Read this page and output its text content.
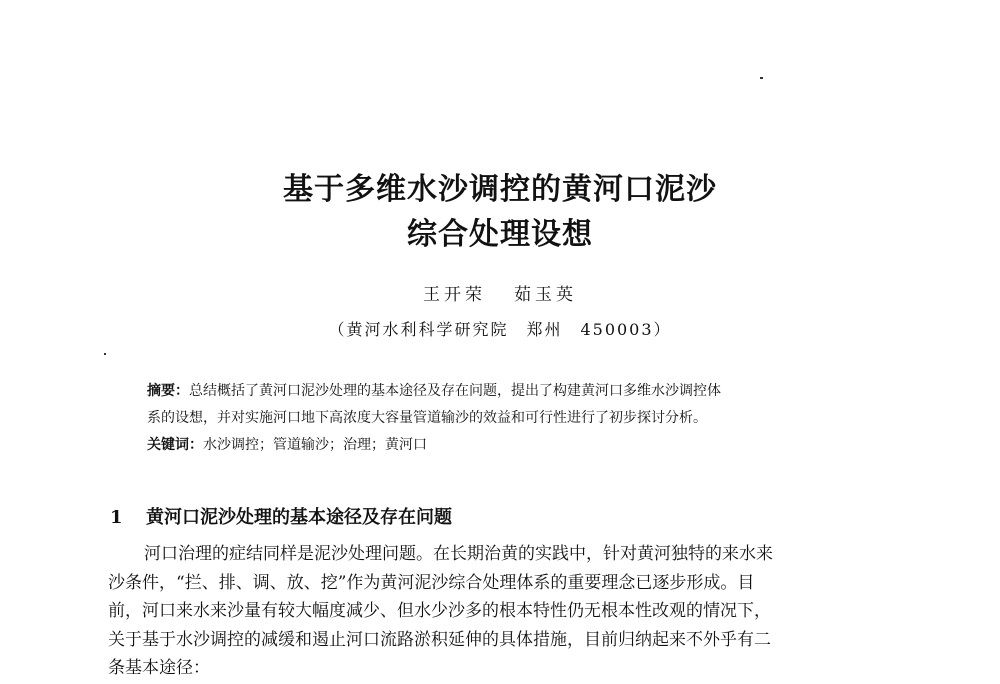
基于多维水沙调控的黄河口泥沙
综合处理设想
王开荣 茹玉英
（黄河水利科学研究院　郑州　450003）
摘要：总结概括了黄河口泥沙处理的基本途径及存在问题，提出了构建黄河口多维水沙调控体
系的设想，并对实施河口地下高浓度大容量管道输沙的效益和可行性进行了初步探讨分析。
关键词：水沙调控；管道输沙；治理；黄河口
1 黄河口泥沙处理的基本途径及存在问题
河口治理的症结同样是泥沙处理问题。在长期治黄的实践中，针对黄河独特的来水来
沙条件，“拦、排、调、放、挖”作为黄河泥沙综合处理体系的重要理念已逐步形成。目
前，河口来水来沙量有较大幅度减少、但水少沙多的根本特性仍无根本性改观的情况下，
关于基于水沙调控的减缓和遏止河口流路淤积延伸的具体措施，目前归纳起来不外乎有二
条基本途径：
